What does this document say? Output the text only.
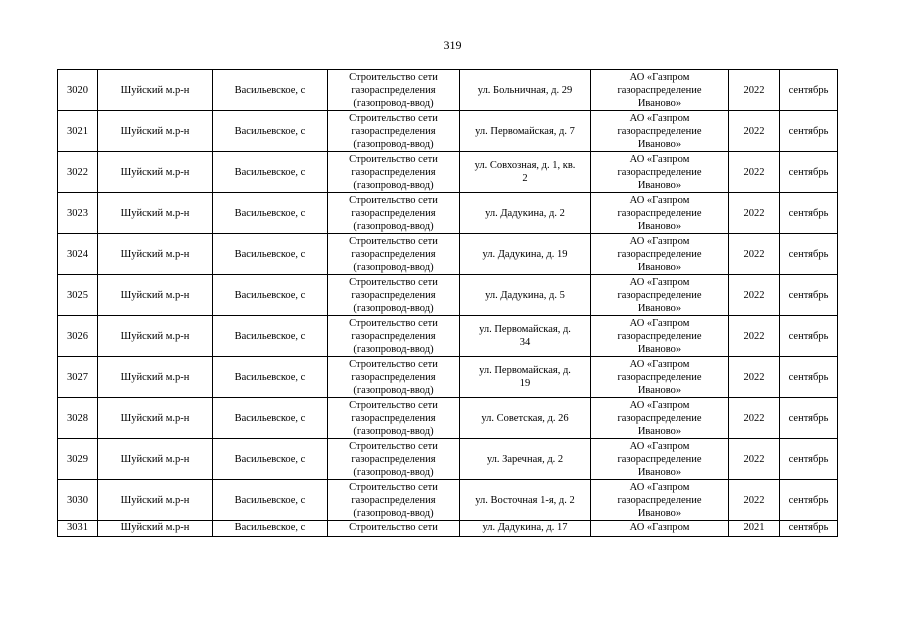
319
3020	Шуйский м.р-н	Васильевское, с	Строительство сети
газораспределения
(газопровод-ввод)	ул. Больничная, д. 29	АО «Газпром
газораспределение
Иваново»	2022	сентябрь
3021	Шуйский м.р-н	Васильевское, с	Строительство сети
газораспределения
(газопровод-ввод)	ул. Первомайская, д. 7	АО «Газпром
газораспределение
Иваново»	2022	сентябрь
3022	Шуйский м.р-н	Васильевское, с	Строительство сети
газораспределения
(газопровод-ввод)	ул. Совхозная, д. 1, кв.
2	АО «Газпром
газораспределение
Иваново»	2022	сентябрь
3023	Шуйский м.р-н	Васильевское, с	Строительство сети
газораспределения
(газопровод-ввод)	ул. Дадукина, д. 2	АО «Газпром
газораспределение
Иваново»	2022	сентябрь
3024	Шуйский м.р-н	Васильевское, с	Строительство сети
газораспределения
(газопровод-ввод)	ул. Дадукина, д. 19	АО «Газпром
газораспределение
Иваново»	2022	сентябрь
3025	Шуйский м.р-н	Васильевское, с	Строительство сети
газораспределения
(газопровод-ввод)	ул. Дадукина, д. 5	АО «Газпром
газораспределение
Иваново»	2022	сентябрь
3026	Шуйский м.р-н	Васильевское, с	Строительство сети
газораспределения
(газопровод-ввод)	ул. Первомайская, д.
34	АО «Газпром
газораспределение
Иваново»	2022	сентябрь
3027	Шуйский м.р-н	Васильевское, с	Строительство сети
газораспределения
(газопровод-ввод)	ул. Первомайская, д.
19	АО «Газпром
газораспределение
Иваново»	2022	сентябрь
3028	Шуйский м.р-н	Васильевское, с	Строительство сети
газораспределения
(газопровод-ввод)	ул. Советская, д. 26	АО «Газпром
газораспределение
Иваново»	2022	сентябрь
3029	Шуйский м.р-н	Васильевское, с	Строительство сети
газораспределения
(газопровод-ввод)	ул. Заречная, д. 2	АО «Газпром
газораспределение
Иваново»	2022	сентябрь
3030	Шуйский м.р-н	Васильевское, с	Строительство сети
газораспределения
(газопровод-ввод)	ул. Восточная 1-я, д. 2	АО «Газпром
газораспределение
Иваново»	2022	сентябрь
3031	Шуйский м.р-н	Васильевское, с	Строительство сети	ул. Дадукина, д. 17	АО «Газпром	2021	сентябрь
